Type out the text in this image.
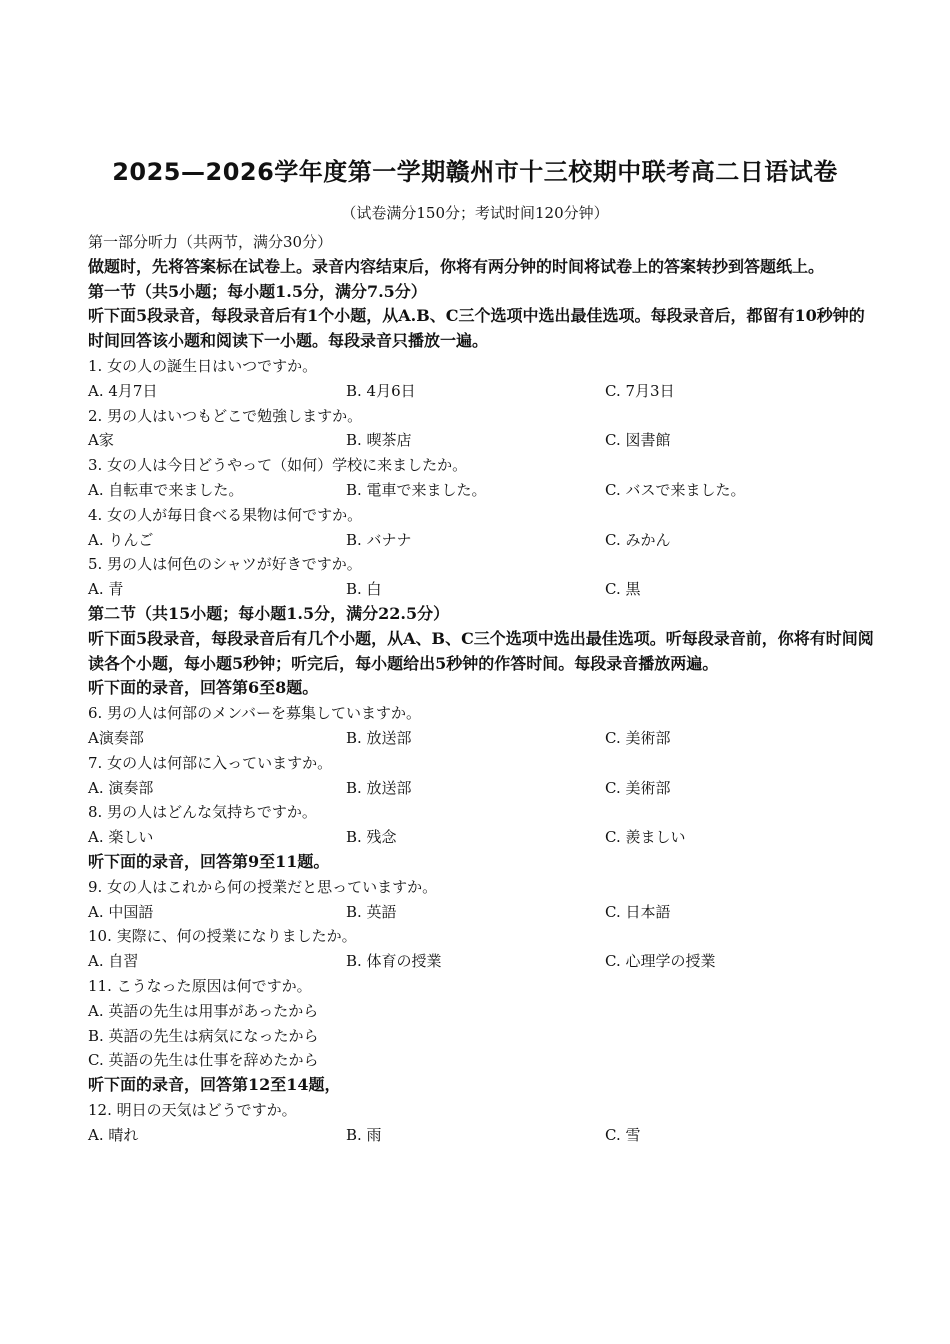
2025—2026学年度第一学期赣州市十三校期中联考高二日语试卷
（试卷满分150分；考试时间120分钟）
第一部分听力（共两节，满分30分）
做题时，先将答案标在试卷上。录音内容结束后，你将有两分钟的时间将试卷上的答案转抄到答题纸上。
第一节（共5小题；每小题1.5分，满分7.5分）
听下面5段录音，每段录音后有1个小题，从A.B、C三个选项中选出最佳选项。每段录音后，都留有10秒钟的时间回答该小题和阅读下一小题。每段录音只播放一遍。
1. 女の人の誕生日はいつですか。
A. 4月7日	B. 4月6日	C. 7月3日
2. 男の人はいつもどこで勉強しますか。
A家	B. 喫茶店	C. 図書館
3. 女の人は今日どうやって（如何）学校に来ましたか。
A. 自転車で来ました。	B. 電車で来ました。	C. バスで来ました。
4. 女の人が毎日食べる果物は何ですか。
A. りんご	B. バナナ	C. みかん
5. 男の人は何色のシャツが好きですか。
A. 青	B. 白	C. 黒
第二节（共15小题；每小题1.5分，满分22.5分）
听下面5段录音，每段录音后有几个小题，从A、B、C三个选项中选出最佳选项。听每段录音前，你将有时间阅读各个小题，每小题5秒钟；听完后，每小题给出5秒钟的作答时间。每段录音播放两遍。
听下面的录音，回答第6至8题。
6. 男の人は何部のメンバーを募集していますか。
A演奏部	B. 放送部	C. 美術部
7. 女の人は何部に入っていますか。
A. 演奏部	B. 放送部	C. 美術部
8. 男の人はどんな気持ちですか。
A. 楽しい	B. 残念	C. 羨ましい
听下面的录音，回答第9至11题。
9. 女の人はこれから何の授業だと思っていますか。
A. 中国語	B. 英語	C. 日本語
10. 実際に、何の授業になりましたか。
A. 自習	B. 体育の授業	C. 心理学の授業
11. こうなった原因は何ですか。
A. 英語の先生は用事があったから
B. 英語の先生は病気になったから
C. 英語の先生は仕事を辞めたから
听下面的录音，回答第12至14题，
12. 明日の天気はどうですか。
A. 晴れ	B. 雨	C. 雪
